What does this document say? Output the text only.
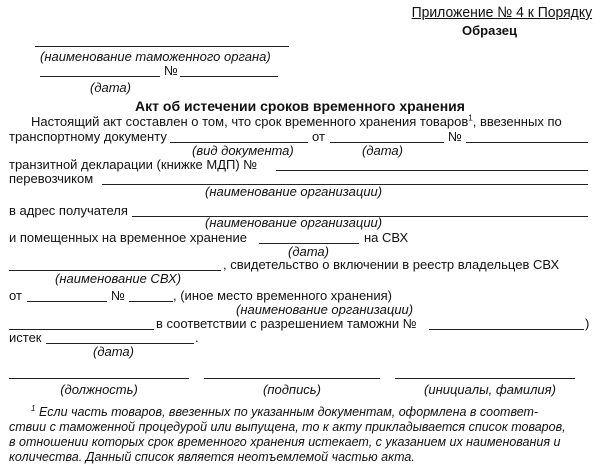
Приложение № 4 к Порядку
Образец
(наименование таможенного органа)
№
(дата)
Акт об истечении сроков временного хранения
Настоящий акт составлен о том, что срок временного хранения товаров$^1$, ввезенных по
транспортному документу	от	№
(вид документа)	(дата)
транзитной декларации (книжке МДП) №
перевозчиком
(наименование организации)
в адрес получателя
(наименование организации)
и помещенных на временное хранение	на СВХ
(дата)
, свидетельство о включении в реестр владельцев СВХ
(наименование СВХ)
от	№	, (иное место временного хранения)
(наименование организации)
в соответствии с разрешением таможни №	)
истек	.
(дата)
(должность)	(подпись)	(инициалы, фамилия)
$^1$ Если часть товаров, ввезенных по указанным документам, оформлена в соответ-
ствии с таможенной процедурой или выпущена, то к акту прикладывается список товаров,
в отношении которых срок временного хранения истекает, с указанием их наименования и
количества. Данный список является неотъемлемой частью акта.
